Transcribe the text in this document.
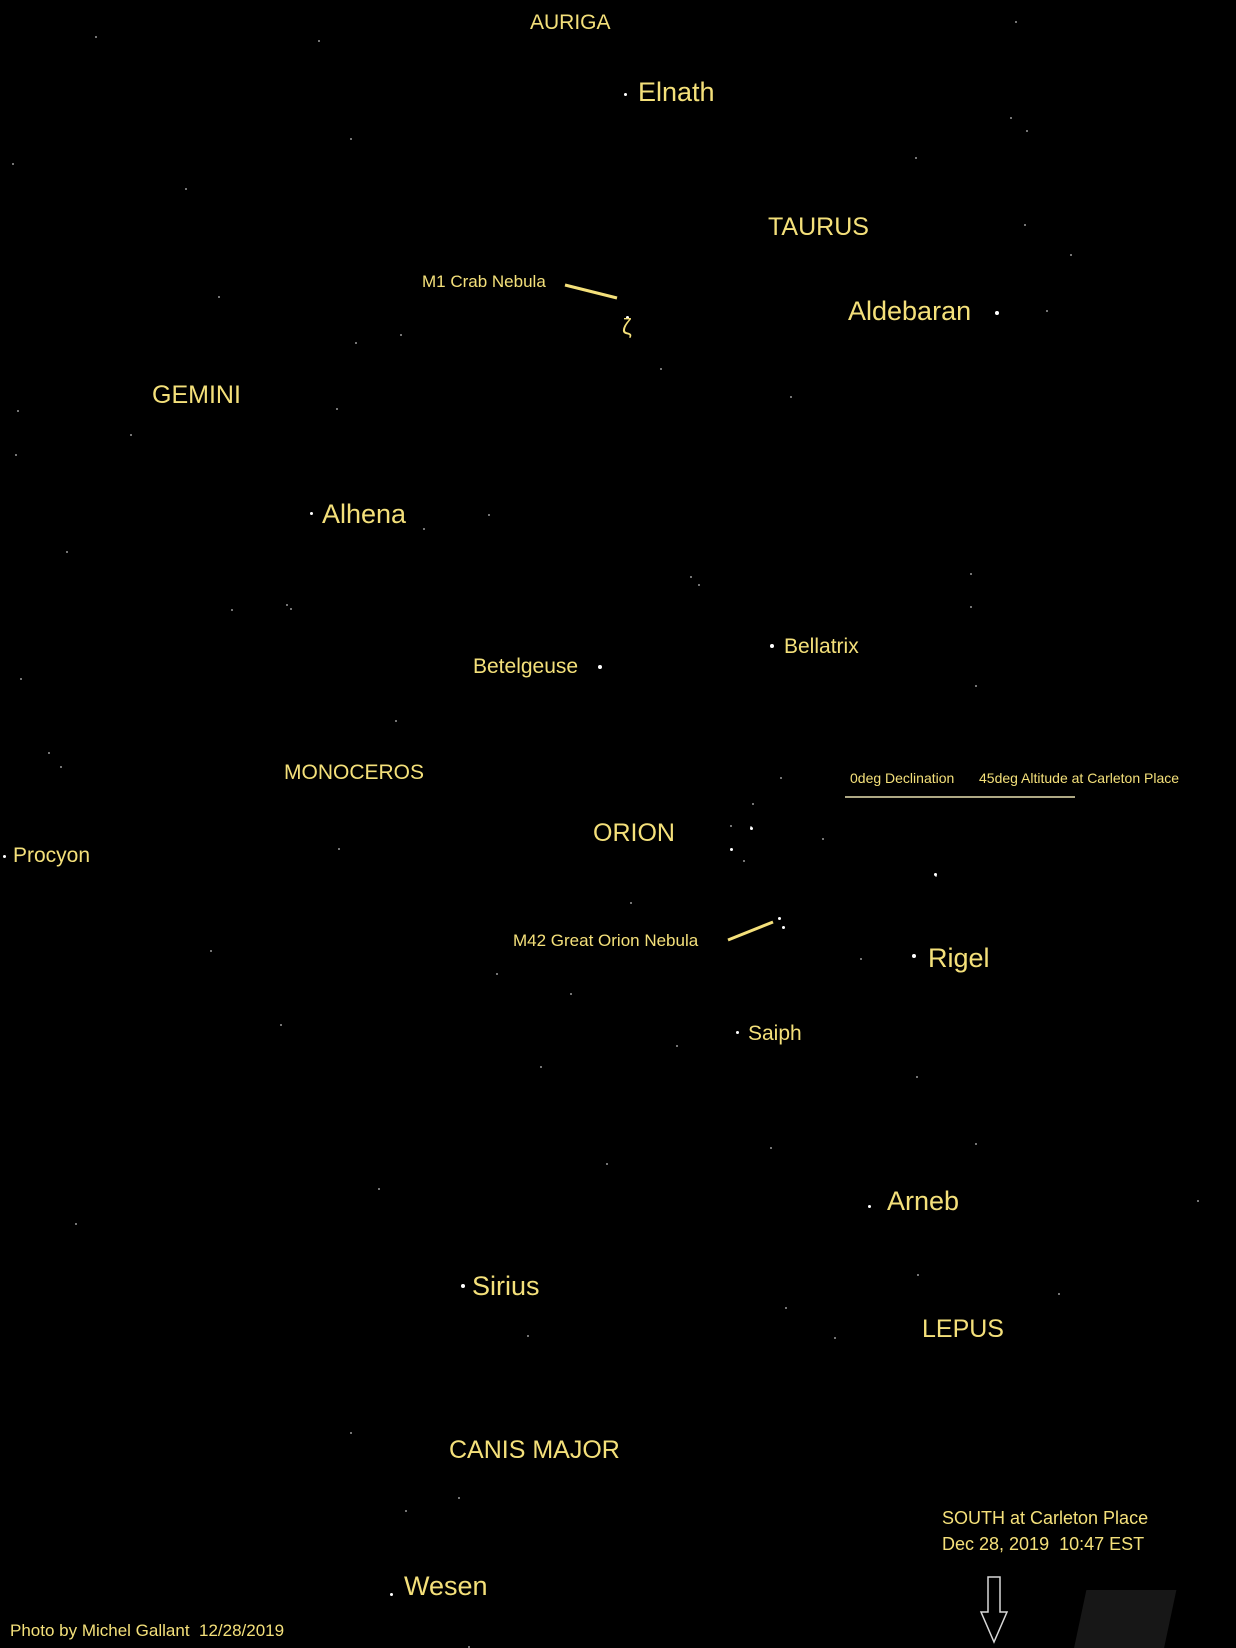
AURIGA
Elnath
TAURUS
M1 Crab Nebula
ζ
Aldebaran
GEMINI
Alhena
Bellatrix
Betelgeuse
MONOCEROS	0deg Declination 45deg Altitude at Carleton Place
ORION
Procyon
M42 Great Orion Nebula
Rigel
Saiph
Arneb
Sirius
LEPUS
CANIS MAJOR
SOUTH at Carleton Place
Dec 28, 2019  10:47 EST
Wesen
Photo by Michel Gallant  12/28/2019
